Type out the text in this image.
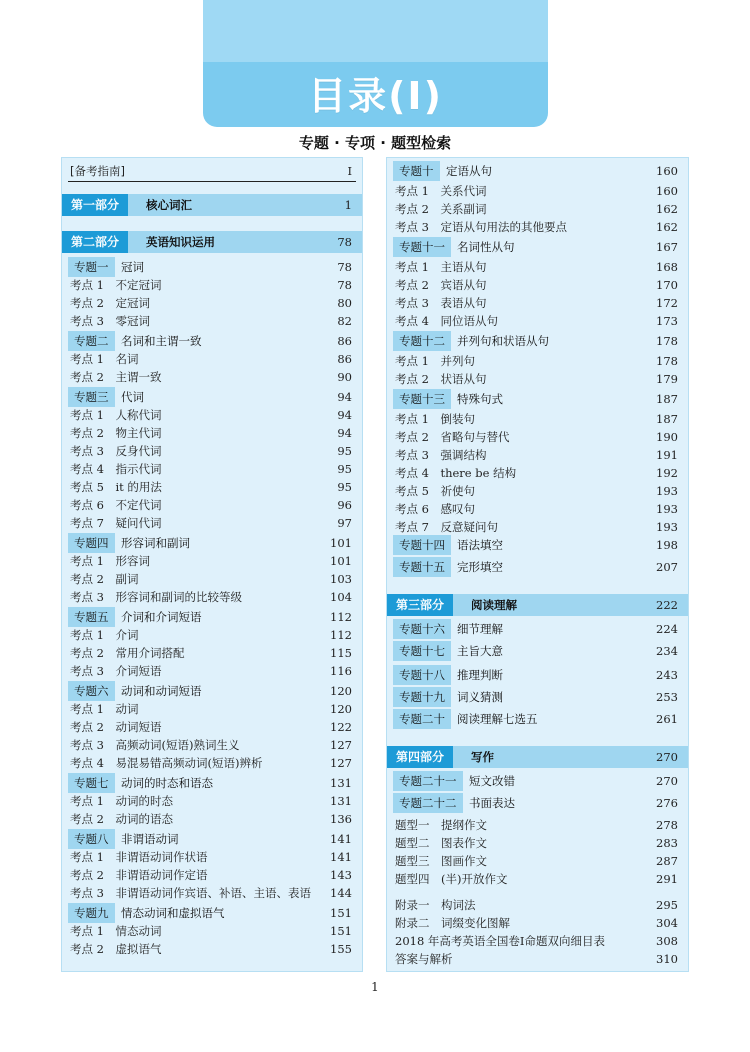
目录(Ⅰ)
专题 · 专项 · 题型检索
[备考指南]	Ⅰ
第一部分	核心词汇	1
第二部分	英语知识运用	78
专题一	冠词	78
考点 1　不定冠词	78
考点 2　定冠词	80
考点 3　零冠词	82
专题二	名词和主谓一致	86
考点 1　名词	86
考点 2　主谓一致	90
专题三	代词	94
考点 1　人称代词	94
考点 2　物主代词	94
考点 3　反身代词	95
考点 4　指示代词	95
考点 5　it 的用法	95
考点 6　不定代词	96
考点 7　疑问代词	97
专题四	形容词和副词	101
考点 1　形容词	101
考点 2　副词	103
考点 3　形容词和副词的比较等级	104
专题五	介词和介词短语	112
考点 1　介词	112
考点 2　常用介词搭配	115
考点 3　介词短语	116
专题六	动词和动词短语	120
考点 1　动词	120
考点 2　动词短语	122
考点 3　高频动词(短语)熟词生义	127
考点 4　易混易错高频动词(短语)辨析	127
专题七	动词的时态和语态	131
考点 1　动词的时态	131
考点 2　动词的语态	136
专题八	非谓语动词	141
考点 1　非谓语动词作状语	141
考点 2　非谓语动词作定语	143
考点 3　非谓语动词作宾语、补语、主语、表语 144
专题九	情态动词和虚拟语气	151
考点 1　情态动词	151
考点 2　虚拟语气	155
专题十	定语从句	160
考点 1　关系代词	160
考点 2　关系副词	162
考点 3　定语从句用法的其他要点	162
专题十一	名词性从句	167
考点 1　主语从句	168
考点 2　宾语从句	170
考点 3　表语从句	172
考点 4　同位语从句	173
专题十二	并列句和状语从句	178
考点 1　并列句	178
考点 2　状语从句	179
专题十三	特殊句式	187
考点 1　倒装句	187
考点 2　省略句与替代	190
考点 3　强调结构	191
考点 4　there be 结构	192
考点 5　祈使句	193
考点 6　感叹句	193
考点 7　反意疑问句	193
专题十四	语法填空	198
专题十五	完形填空	207
第三部分	阅读理解	222
专题十六	细节理解	224
专题十七	主旨大意	234
专题十八	推理判断	243
专题十九	词义猜测	253
专题二十	阅读理解七选五	261
第四部分	写作	270
专题二十一	短文改错	270
专题二十二	书面表达	276
题型一　提纲作文	278
题型二　图表作文	283
题型三　图画作文	287
题型四　(半)开放作文	291
附录一　构词法	295
附录二　词缀变化图解	304
2018 年高考英语全国卷Ⅰ命题双向细目表	308
答案与解析	310
1
